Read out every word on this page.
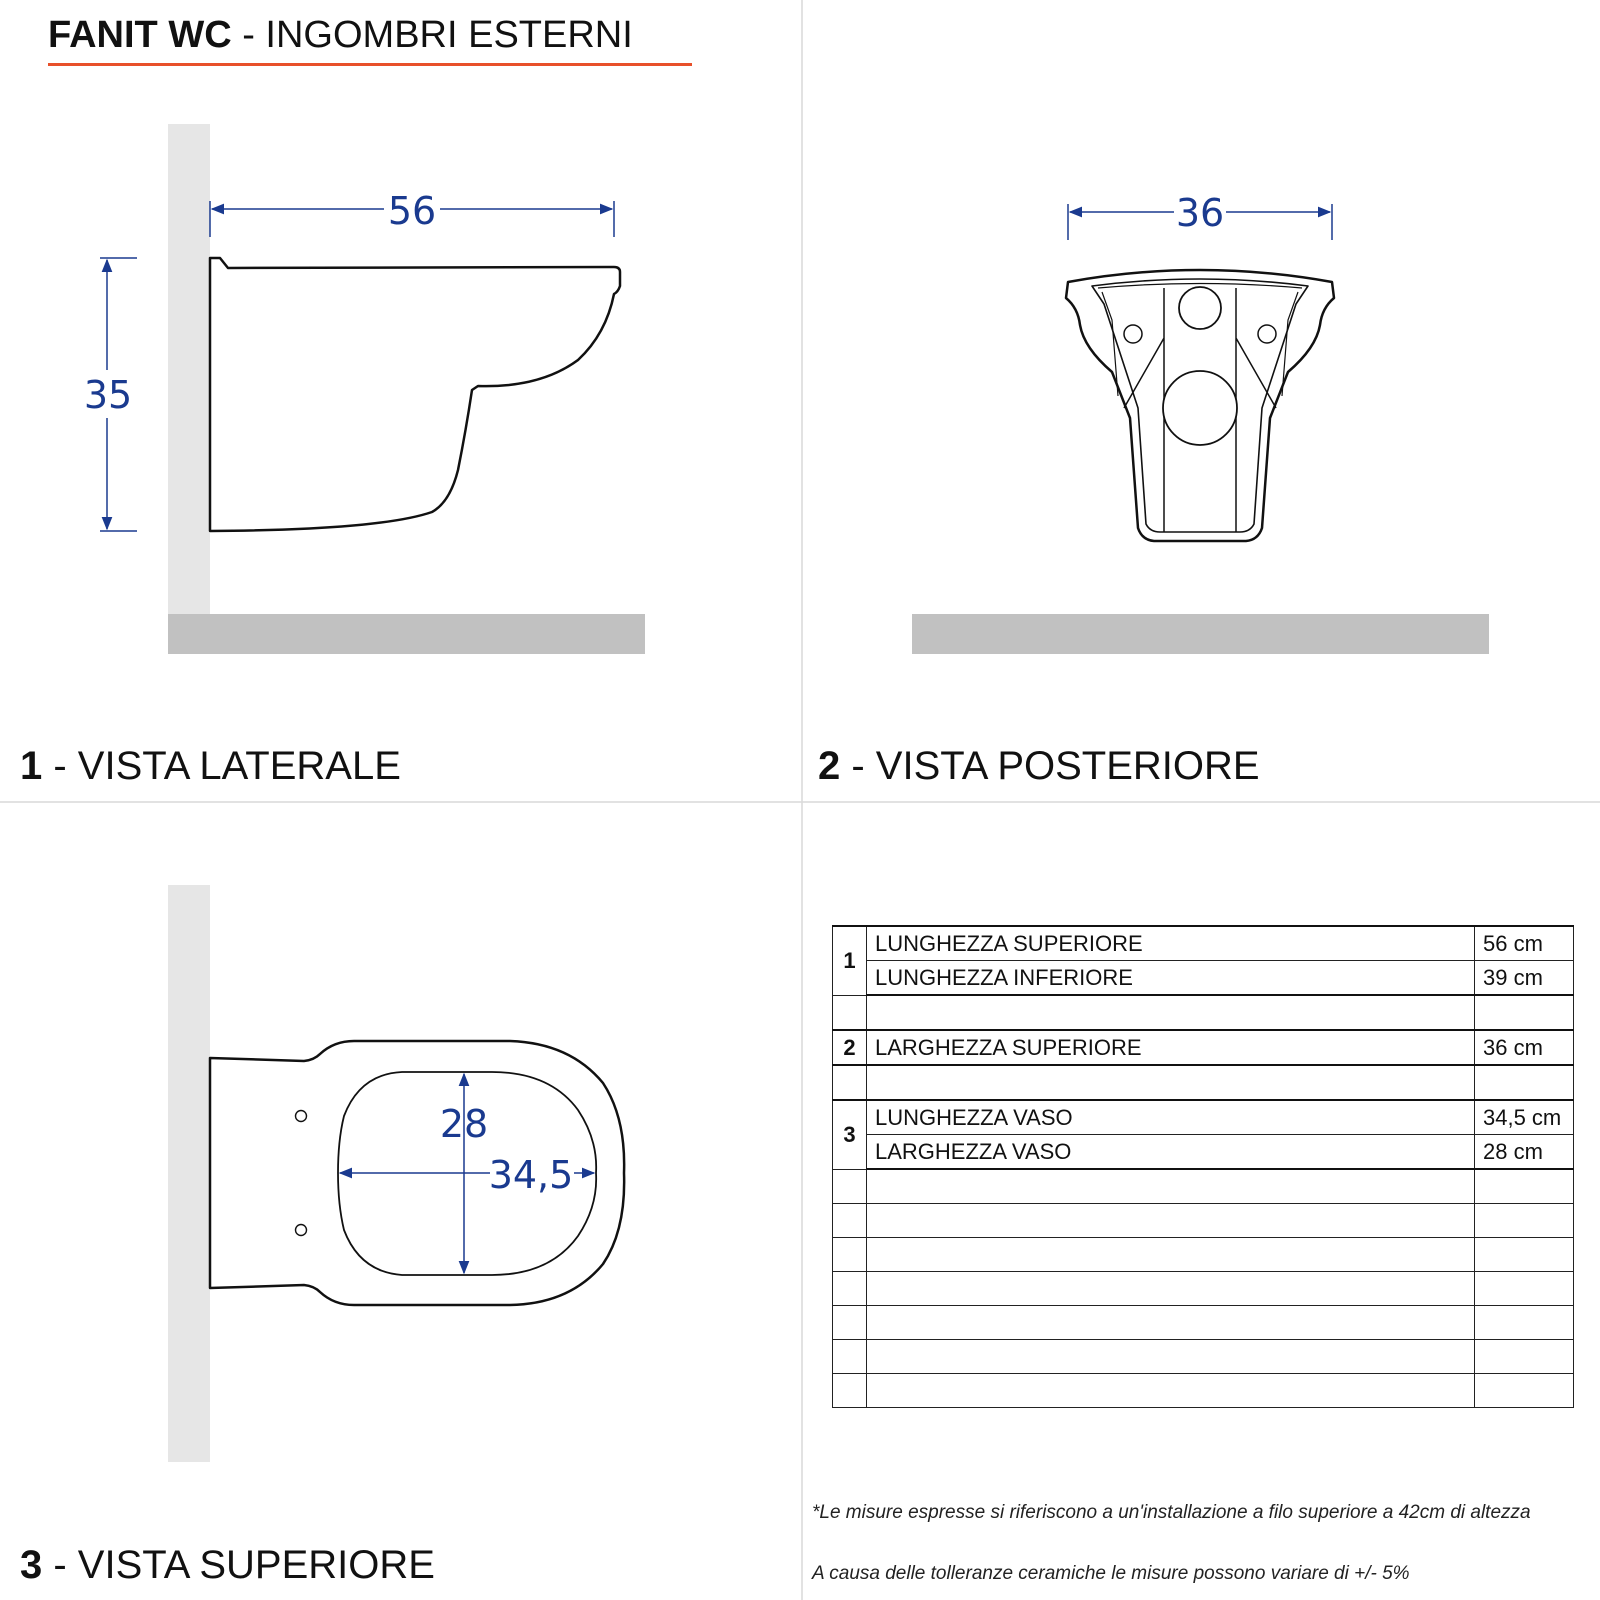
56
35
36
28
34,5
FANIT WC - INGOMBRI ESTERNI
1 - VISTA LATERALE	2 - VISTA POSTERIORE
3 - VISTA SUPERIORE
1	LUNGHEZZA SUPERIORE	56 cm
	LUNGHEZZA INFERIORE	39 cm

2	LARGHEZZA SUPERIORE	36 cm

3	LUNGHEZZA VASO	34,5 cm
	LARGHEZZA VASO	28 cm

*Le misure espresse si riferiscono a un'installazione a filo superiore a 42cm di altezza
A causa delle tolleranze ceramiche le misure possono variare di +/- 5%
